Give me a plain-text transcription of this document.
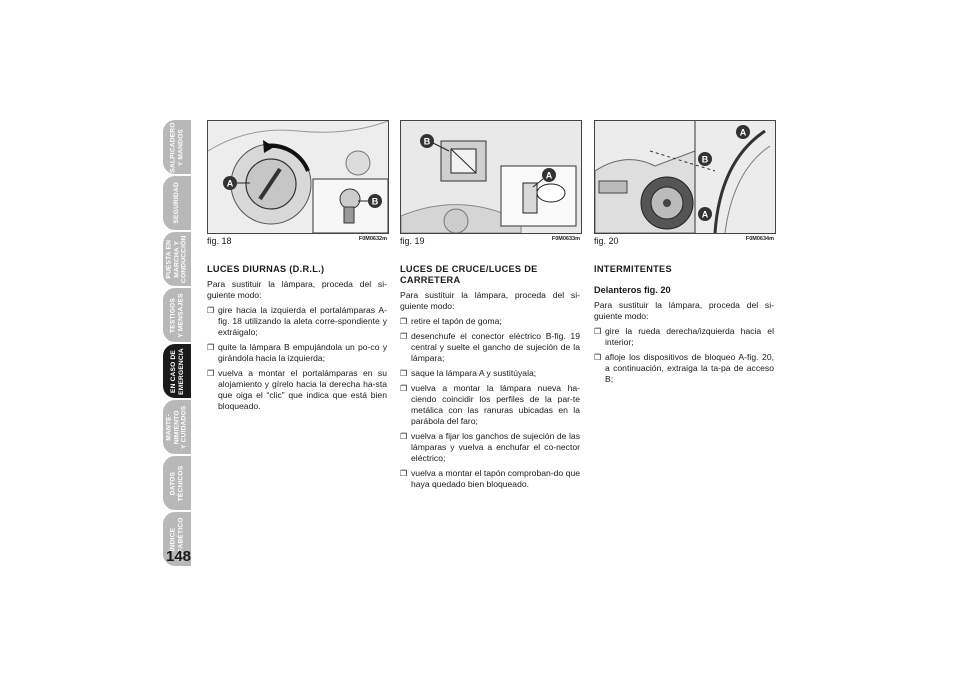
SALPICADERO
Y MANDOS
SEGURIDAD
PUESTA EN
MARCHA Y
CONDUCCIÓN
TESTIGOS
Y MENSAJES
EN CASO DE
EMERGENCIA
MANTE-
NIMIENTO
Y CUIDADOS
DATOS
TÉCNICOS
ÍNDICE
ALFABÉTICO
148
A
B
fig. 18	F0M0632m
LUCES DIURNAS (D.R.L.)
Para sustituir la lámpara, proceda del si-guiente modo:
❒ gire hacia la izquierda el portalámparas A-fig. 18 utilizando la aleta corre-spondiente y extráigalo;
❒ quite la lámpara B empujándola un po-co y girándola hacia la izquierda;
❒ vuelva a montar el portalámparas en su alojamiento y gírelo hacia la derecha ha-sta que oiga el “clic” que indica que está bien bloqueado.
B
A
fig. 19	F0M0633m
LUCES DE CRUCE/LUCES DE CARRETERA
Para sustituir la lámpara, proceda del si-guiente modo:
❒ retire el tapón de goma;
❒ desenchufe el conector eléctrico B-fig. 19 central y suelte el gancho de sujeción de la lámpara;
❒ saque la lámpara A y sustitúyala;
❒ vuelva a montar la lámpara nueva ha-ciendo coincidir los perfiles de la par-te metálica con las ranuras ubicadas en la parábola del faro;
❒ vuelva a fijar los ganchos de sujeción de las lámparas y vuelva a enchufar el co-nector eléctrico;
❒ vuelva a montar el tapón comproban-do que haya quedado bien bloqueado.
A
B
A
fig. 20	F0M0634m
INTERMITENTES
Delanteros fig. 20
Para sustituir la lámpara, proceda del si-guiente modo:
❒ gire la rueda derecha/izquierda hacia el interior;
❒ afloje los dispositivos de bloqueo A-fig. 20, a continuación, extraiga la ta-pa de acceso B;
